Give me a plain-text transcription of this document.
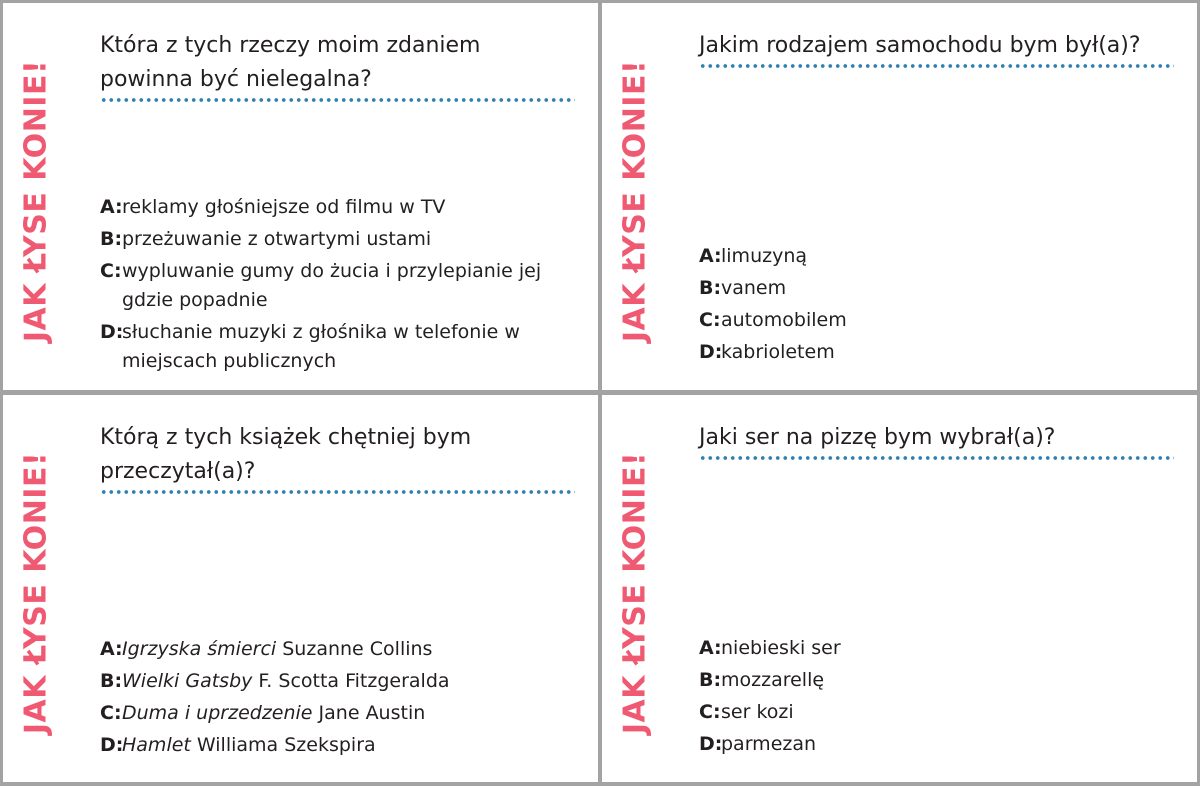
JAK ŁYSE KONIE!

Która z tych rzeczy moim zdaniem powinna być nielegalna?

A: reklamy głośniejsze od filmu w TV
B: przeżuwanie z otwartymi ustami
C: wypluwanie gumy do żucia i przylepianie jej gdzie popadnie
D:
słuchanie muzyki z głośnika w telefonie w miejscach publicznych
JAK ŁYSE KONIE!

Jakim rodzajem samochodu bym był(a)?

A: limuzyną
B: vanem
C: automobilem
D:
kabrioletem
JAK ŁYSE KONIE!

Którą z tych książek chętniej bym przeczytał(a)?

A: Igrzyska śmierci Suzanne Collins
B: Wielki Gatsby F. Scotta Fitzgeralda
C: Duma i uprzedzenie Jane Austin
D:
Hamlet Williama Szekspira
JAK ŁYSE KONIE!

Jaki ser na pizzę bym wybrał(a)?

A: niebieski ser
B: mozzarellę
C: ser kozi
D:
parmezan
